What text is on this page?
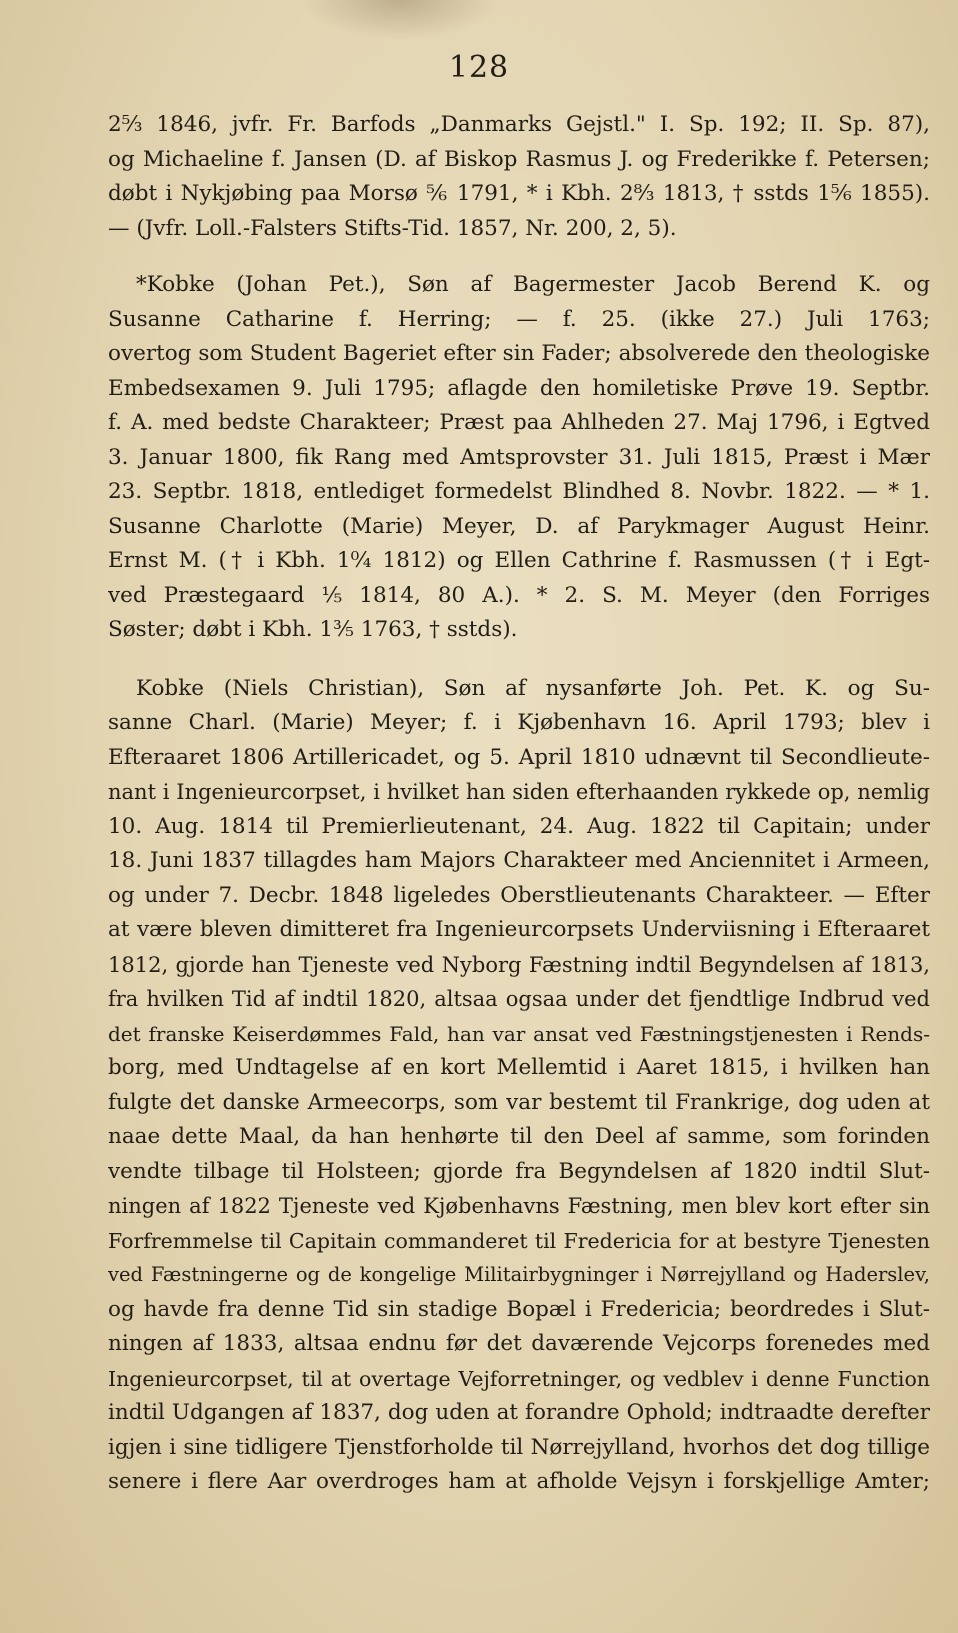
128
2⁵⁄₃ 1846, jvfr. Fr. Barfods „Danmarks Gejstl." I. Sp. 192; II. Sp. 87),
og Michaeline f. Jansen (D. af Biskop Rasmus J. og Frederikke f. Petersen;
døbt i Nykjøbing paa Morsø ⅚ 1791, * i Kbh. 2⁸⁄₃ 1813, † sstds 1⁵⁄₆ 1855).
— (Jvfr. Loll.-Falsters Stifts-Tid. 1857, Nr. 200, 2, 5).
*Kobke (Johan Pet.), Søn af Bagermester Jacob Berend K. og
Susanne Catharine f. Herring; — f. 25. (ikke 27.) Juli 1763;
overtog som Student Bageriet efter sin Fader; absolverede den theologiske
Embedsexamen 9. Juli 1795; aflagde den homiletiske Prøve 19. Septbr.
f. A. med bedste Charakteer; Præst paa Ahlheden 27. Maj 1796, i Egtved
3. Januar 1800, fik Rang med Amtsprovster 31. Juli 1815, Præst i Mær
23. Septbr. 1818, entlediget formedelst Blindhed 8. Novbr. 1822. — * 1.
Susanne Charlotte (Marie) Meyer, D. af Parykmager August Heinr.
Ernst M. († i Kbh. 1⁰⁄₄ 1812) og Ellen Cathrine f. Rasmussen († i Egt-
ved Præstegaard ⅕ 1814, 80 A.). * 2. S. M. Meyer (den Forriges
Søster; døbt i Kbh. 1³⁄₅ 1763, † sstds).
Kobke (Niels Christian), Søn af nysanførte Joh. Pet. K. og Su-
sanne Charl. (Marie) Meyer; f. i Kjøbenhavn 16. April 1793; blev i
Efteraaret 1806 Artillericadet, og 5. April 1810 udnævnt til Secondlieute-
nant i Ingenieurcorpset, i hvilket han siden efterhaanden rykkede op, nemlig
10. Aug. 1814 til Premierlieutenant, 24. Aug. 1822 til Capitain; under
18. Juni 1837 tillagdes ham Majors Charakteer med Anciennitet i Armeen,
og under 7. Decbr. 1848 ligeledes Oberstlieutenants Charakteer. — Efter
at være bleven dimitteret fra Ingenieurcorpsets Underviisning i Efteraaret
1812, gjorde han Tjeneste ved Nyborg Fæstning indtil Begyndelsen af 1813,
fra hvilken Tid af indtil 1820, altsaa ogsaa under det fjendtlige Indbrud ved
det franske Keiserdømmes Fald, han var ansat ved Fæstningstjenesten i Rends-
borg, med Undtagelse af en kort Mellemtid i Aaret 1815, i hvilken han
fulgte det danske Armeecorps, som var bestemt til Frankrige, dog uden at
naae dette Maal, da han henhørte til den Deel af samme, som forinden
vendte tilbage til Holsteen; gjorde fra Begyndelsen af 1820 indtil Slut-
ningen af 1822 Tjeneste ved Kjøbenhavns Fæstning, men blev kort efter sin
Forfremmelse til Capitain commanderet til Fredericia for at bestyre Tjenesten
ved Fæstningerne og de kongelige Militairbygninger i Nørrejylland og Haderslev,
og havde fra denne Tid sin stadige Bopæl i Fredericia; beordredes i Slut-
ningen af 1833, altsaa endnu før det daværende Vejcorps forenedes med
Ingenieurcorpset, til at overtage Vejforretninger, og vedblev i denne Function
indtil Udgangen af 1837, dog uden at forandre Ophold; indtraadte derefter
igjen i sine tidligere Tjenstforholde til Nørrejylland, hvorhos det dog tillige
senere i flere Aar overdroges ham at afholde Vejsyn i forskjellige Amter;
